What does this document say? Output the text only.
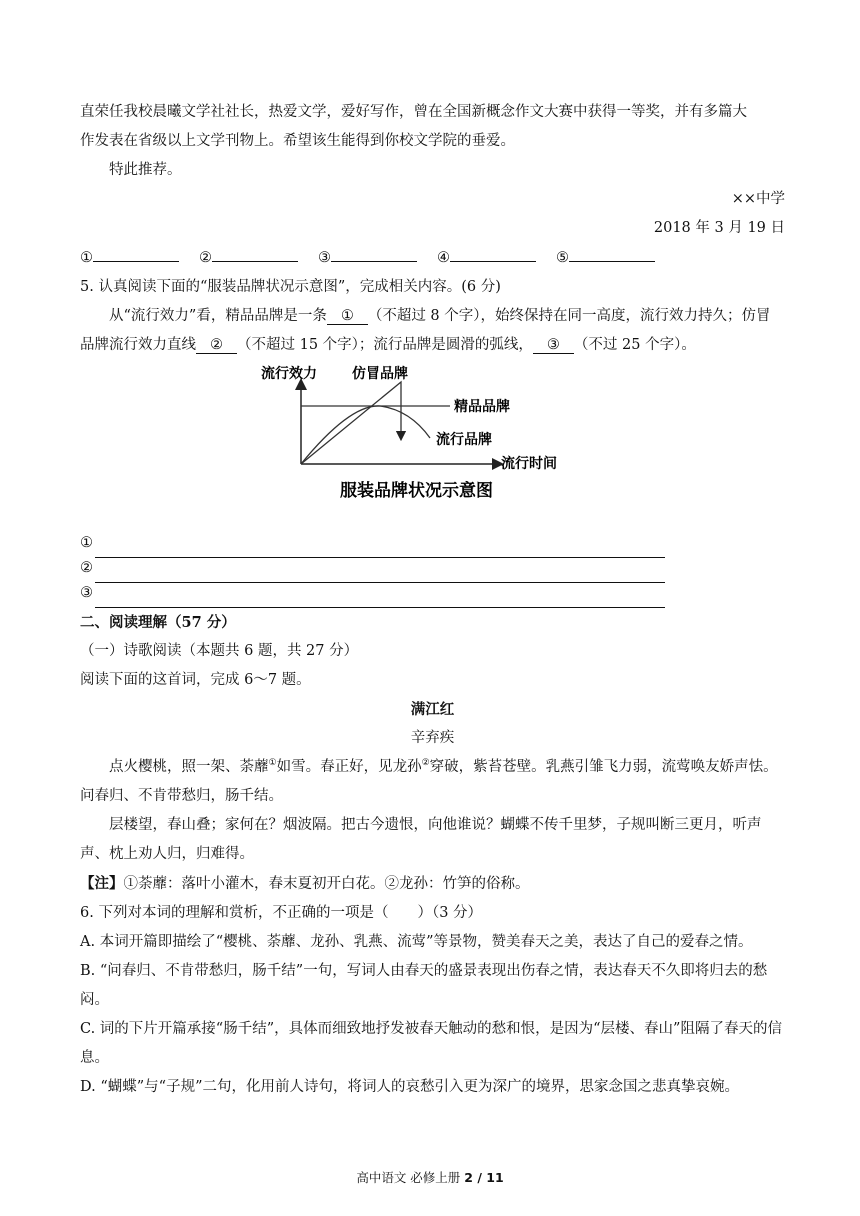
直荣任我校晨曦文学社社长，热爱文学，爱好写作，曾在全国新概念作文大赛中获得一等奖，并有多篇大

作发表在省级以上文学刊物上。希望该生能得到你校文学院的垂爱。

特此推荐。

××中学

2018 年 3 月 19 日

①	②	③	④	⑤

5. 认真阅读下面的“服装品牌状况示意图”，完成相关内容。(6 分)

从“流行效力”看，精品品牌是一条 ① （不超过 8 个字），始终保持在同一高度，流行效力持久；仿冒品牌流行效力直线 ② （不超过 15 个字）；流行品牌是圆滑的弧线， ③ （不过 25 个字）。

流行效力	仿冒品牌
精品品牌
流行品牌
流行时间
服装品牌状况示意图
①
②
③

二、阅读理解（57 分）

（一）诗歌阅读（本题共 6 题，共 27 分）

阅读下面的这首词，完成 6～7 题。

满江红

辛弃疾

点火樱桃，照一架、荼蘼①如雪。春正好，见龙孙②穿破，紫苔苍壁。乳燕引雏飞力弱，流莺唤友娇声怯。问春归、不肯带愁归，肠千结。

层楼望，春山叠；家何在？烟波隔。把古今遗恨，向他谁说？蝴蝶不传千里梦，子规叫断三更月，听声声、枕上劝人归，归难得。

【注】①荼蘼：落叶小灌木，春末夏初开白花。②龙孙：竹笋的俗称。

6. 下列对本词的理解和赏析，不正确的一项是（　　）（3 分）

A. 本词开篇即描绘了“樱桃、荼蘼、龙孙、乳燕、流莺”等景物，赞美春天之美，表达了自己的爱春之情。

B. “问春归、不肯带愁归，肠千结”一句，写词人由春天的盛景表现出伤春之情，表达春天不久即将归去的愁闷。

C. 词的下片开篇承接“肠千结”，具体而细致地抒发被春天触动的愁和恨，是因为“层楼、春山”阻隔了春天的信息。

D. “蝴蝶”与“子规”二句，化用前人诗句，将词人的哀愁引入更为深广的境界，思家念国之悲真挚哀婉。

高中语文 必修上册 2 / 11
